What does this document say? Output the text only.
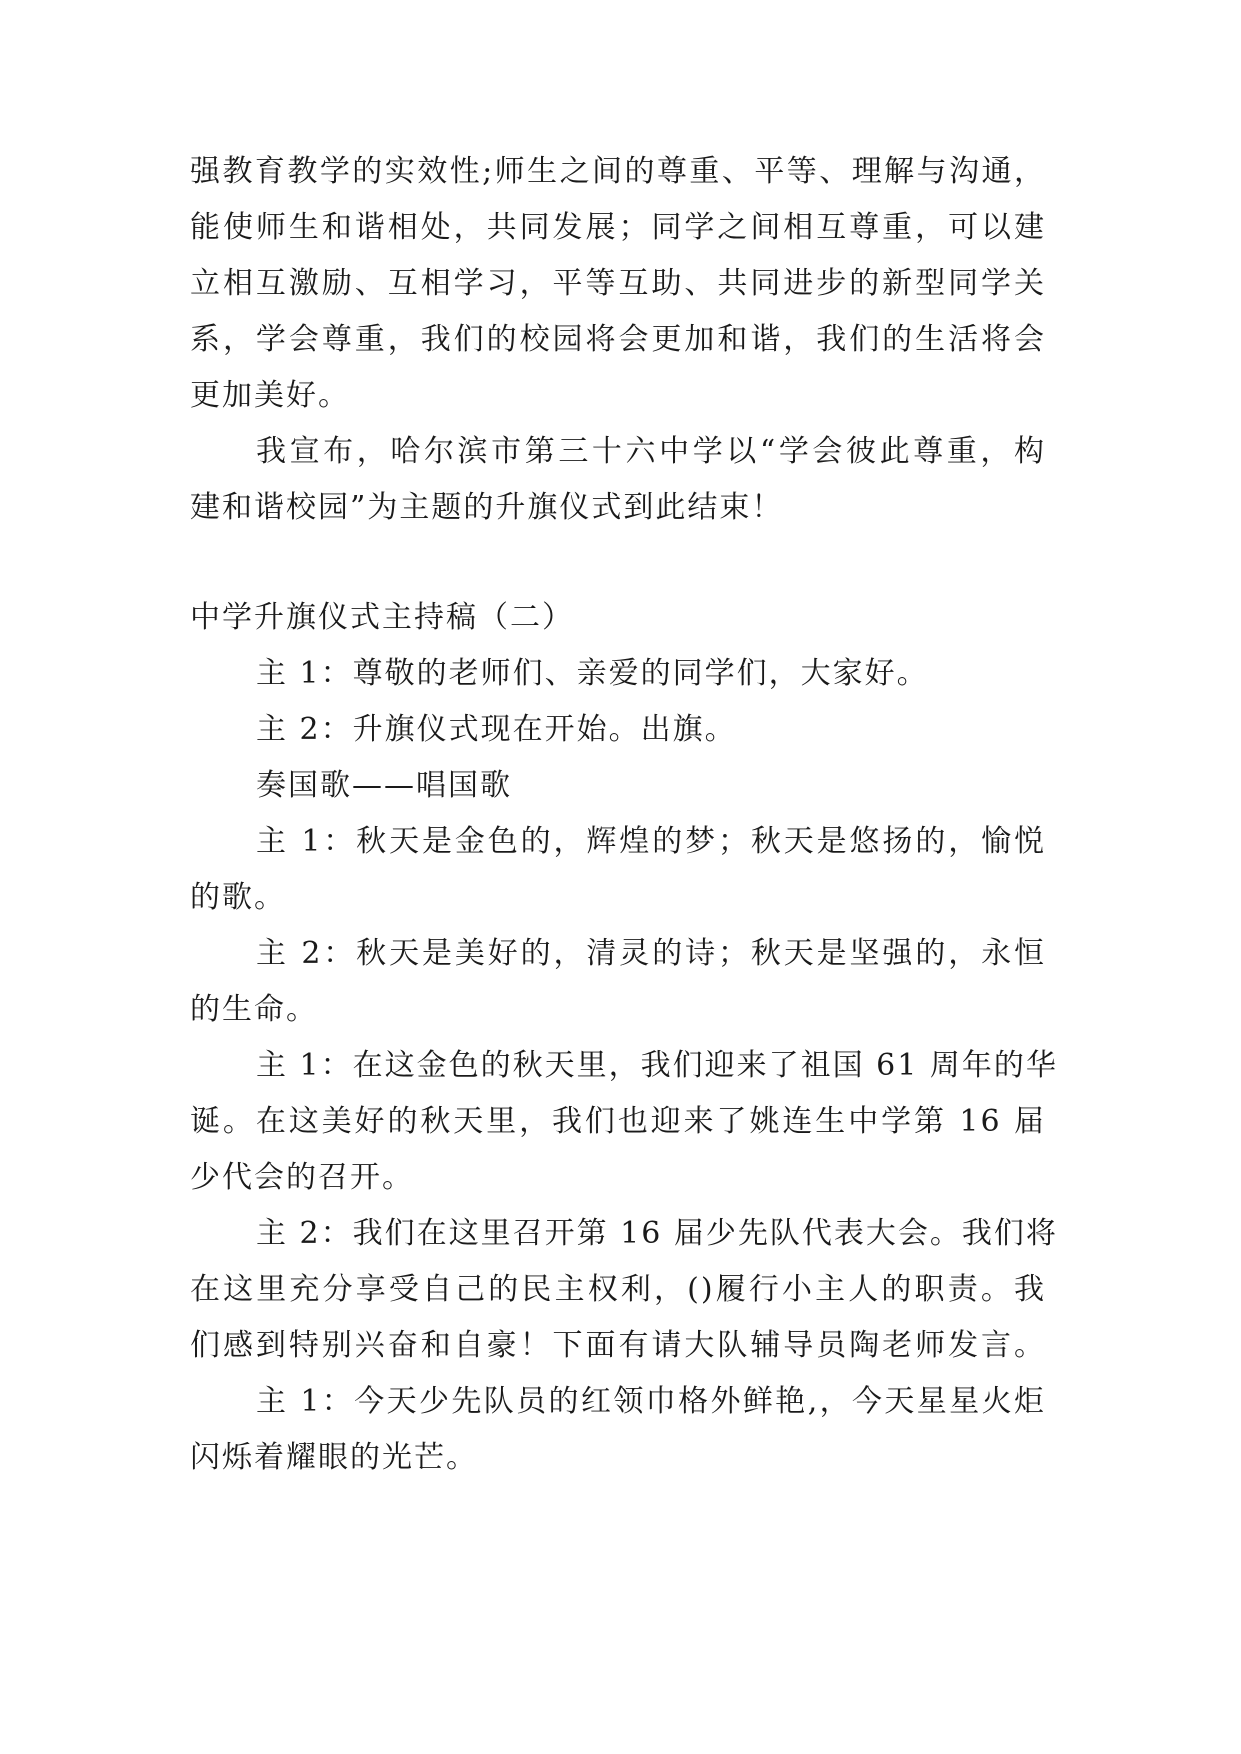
强教育教学的实效性;师生之间的尊重、平等、理解与沟通，
能使师生和谐相处，共同发展；同学之间相互尊重，可以建
立相互激励、互相学习，平等互助、共同进步的新型同学关
系，学会尊重，我们的校园将会更加和谐，我们的生活将会
更加美好。
我宣布，哈尔滨市第三十六中学以“学会彼此尊重，构
建和谐校园”为主题的升旗仪式到此结束！
中学升旗仪式主持稿（二）
主 1：尊敬的老师们、亲爱的同学们，大家好。
主 2：升旗仪式现在开始。出旗。
奏国歌——唱国歌
主 1：秋天是金色的，辉煌的梦；秋天是悠扬的，愉悦
的歌。
主 2：秋天是美好的，清灵的诗；秋天是坚强的，永恒
的生命。
主 1：在这金色的秋天里，我们迎来了祖国 61 周年的华
诞。在这美好的秋天里，我们也迎来了姚连生中学第 16 届
少代会的召开。
主 2：我们在这里召开第 16 届少先队代表大会。我们将
在这里充分享受自己的民主权利，()履行小主人的职责。我
们感到特别兴奋和自豪！下面有请大队辅导员陶老师发言。
主 1：今天少先队员的红领巾格外鲜艳,，今天星星火炬
闪烁着耀眼的光芒。
